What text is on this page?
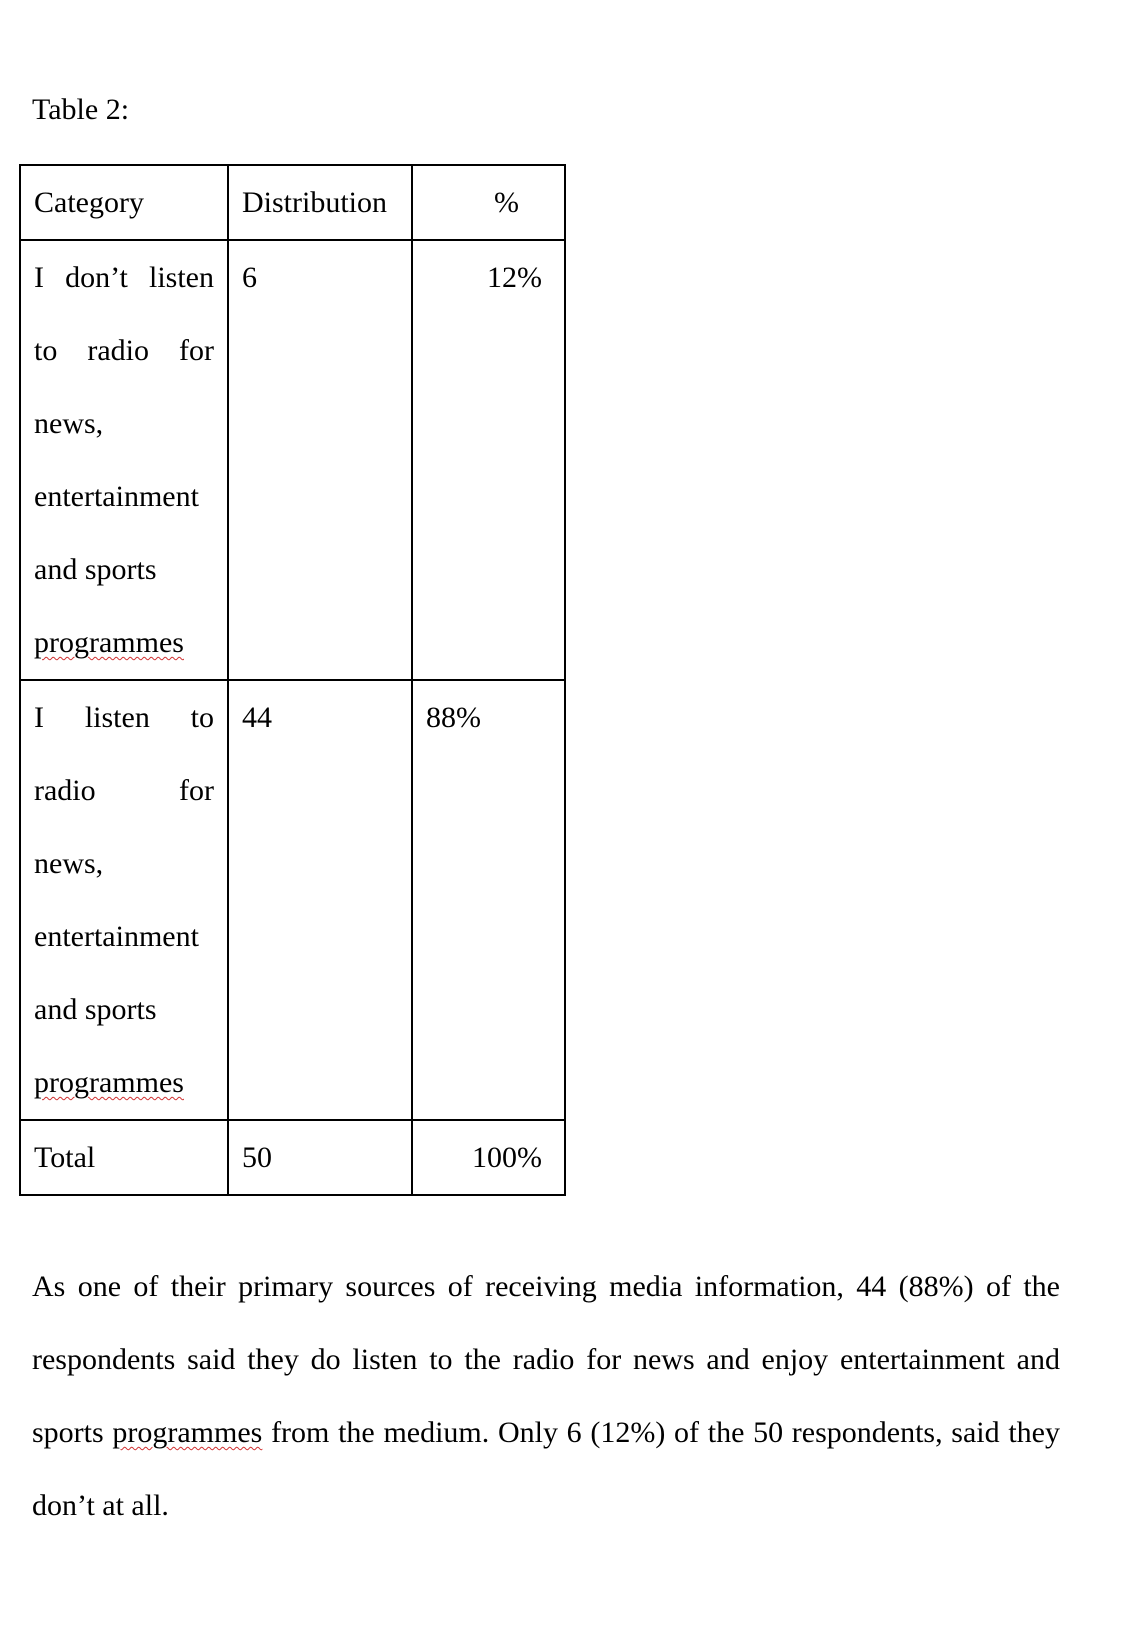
Table 2:
Category	Distribution	%

I don’t listen to radio for news, entertainment and sports
programmes	6	12%

I listen to radio for news, entertainment and sports
programmes	44	88%

Total	50	100%

As one of their primary sources of receiving media information, 44 (88%) of the respondents said they do listen to the radio for news and enjoy entertainment and sports programmes from the medium. Only 6 (12%) of the 50 respondents, said they don’t at all.
